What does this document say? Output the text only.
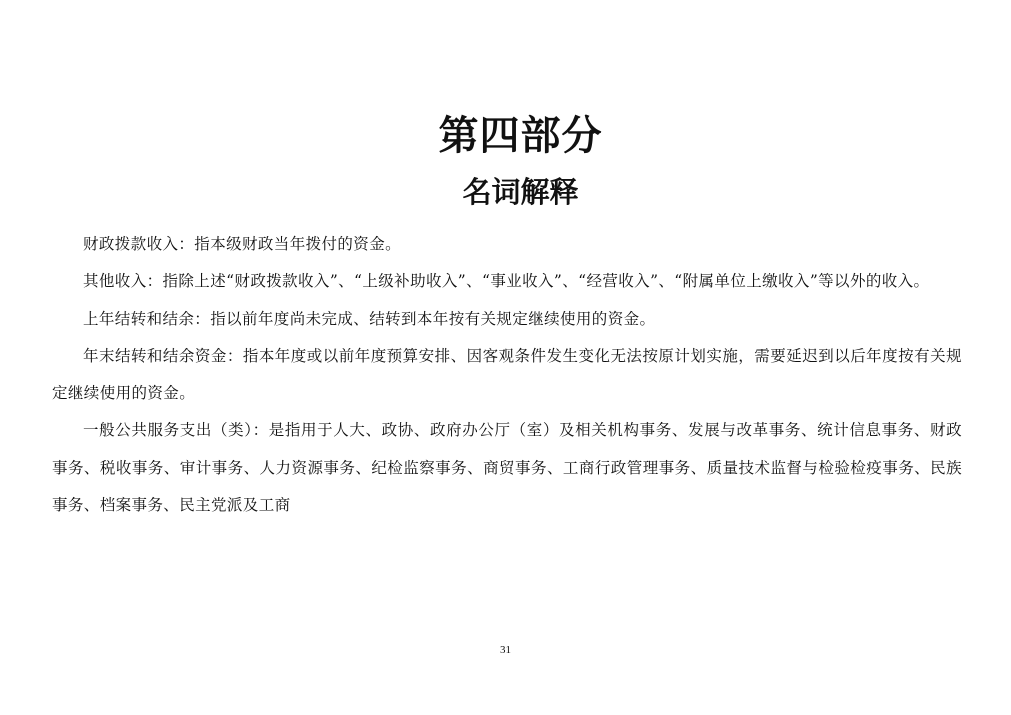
第四部分
名词解释

财政拨款收入：指本级财政当年拨付的资金。

其他收入：指除上述“财政拨款收入”、“上级补助收入”、“事业收入”、“经营收入”、“附属单位上缴收入”等以外的收入。

上年结转和结余：指以前年度尚未完成、结转到本年按有关规定继续使用的资金。

年末结转和结余资金：指本年度或以前年度预算安排、因客观条件发生变化无法按原计划实施，需要延迟到以后年度按有关规定继续使用的资金。

一般公共服务支出（类）：是指用于人大、政协、政府办公厅（室）及相关机构事务、发展与改革事务、统计信息事务、财政事务、税收事务、审计事务、人力资源事务、纪检监察事务、商贸事务、工商行政管理事务、质量技术监督与检验检疫事务、民族事务、档案事务、民主党派及工商

31
